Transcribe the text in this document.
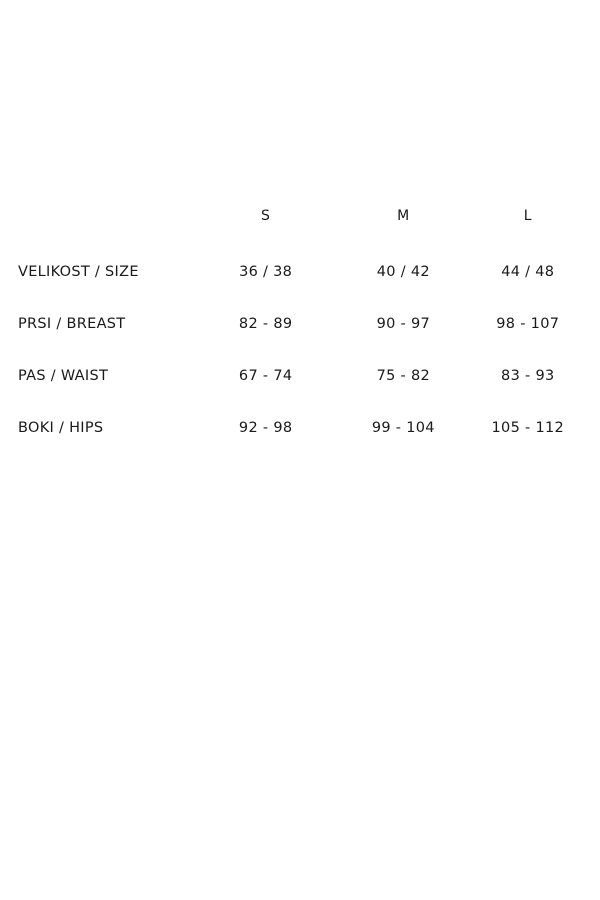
	S	M	L
VELIKOST / SIZE	36 / 38	40 / 42	44 / 48
PRSI / BREAST	82 - 89	90 - 97	98 - 107
PAS / WAIST	67 - 74	75 - 82	83 - 93
BOKI / HIPS	92 - 98	99 - 104	105 - 112
